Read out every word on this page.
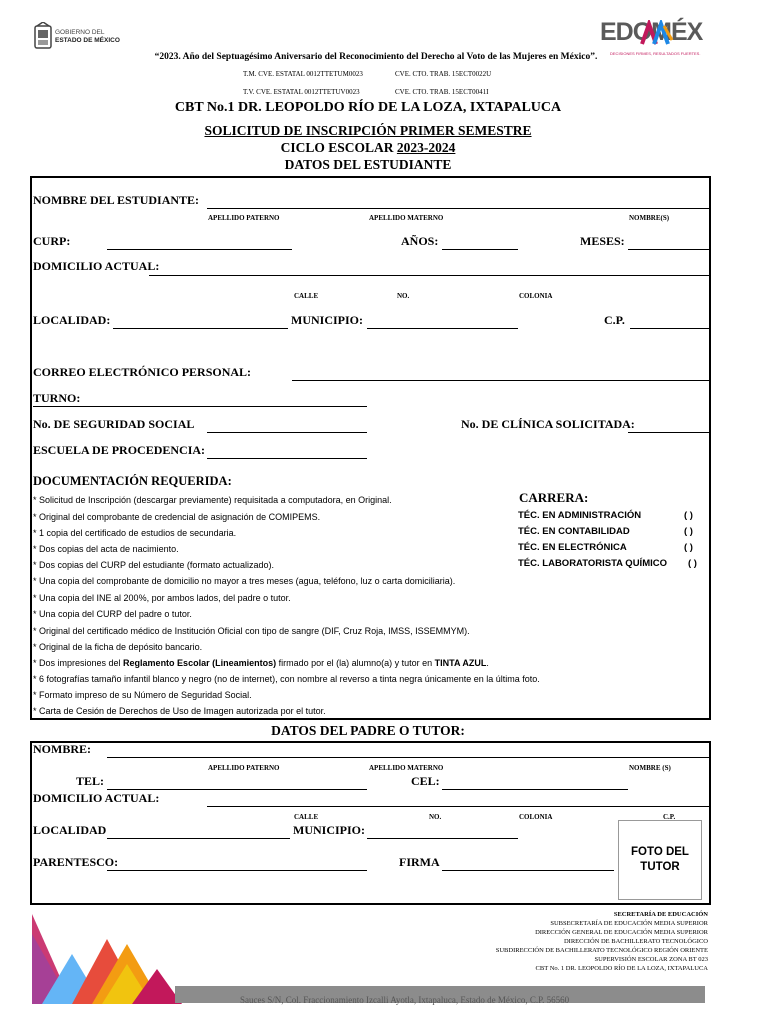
GOBIERNO DEL
ESTADO DE MÉXICO	EDOMÉX
DECISIONES FIRMES, RESULTADOS FUERTES.
“2023. Año del Septuagésimo Aniversario del Reconocimiento del Derecho al Voto de las Mujeres en México”.
T.M. CVE. ESTATAL 0012TTETUM0023	CVE. CTO. TRAB. 15ECT0022U
T.V. CVE. ESTATAL 0012TTETUV0023	CVE. CTO. TRAB. 15ECT0041I
CBT No.1 DR. LEOPOLDO RÍO DE LA LOZA, IXTAPALUCA
SOLICITUD DE INSCRIPCIÓN PRIMER SEMESTRE
CICLO ESCOLAR 2023-2024
DATOS DEL ESTUDIANTE
NOMBRE DEL ESTUDIANTE:
APELLIDO PATERNO	APELLIDO MATERNO	NOMBRE(S)
CURP:	AÑOS:	MESES:
DOMICILIO ACTUAL:
CALLE	NO.	COLONIA
LOCALIDAD:	MUNICIPIO:	C.P.
CORREO ELECTRÓNICO PERSONAL:
TURNO:
No. DE SEGURIDAD SOCIAL	No. DE CLÍNICA SOLICITADA:
ESCUELA DE PROCEDENCIA:
DOCUMENTACIÓN REQUERIDA:
* Solicitud de Inscripción (descargar previamente) requisitada a computadora, en Original.
* Original del comprobante de credencial de asignación de COMIPEMS.
* 1 copia del certificado de estudios de secundaria.
* Dos copias del acta de nacimiento.
* Dos copias del CURP del estudiante (formato actualizado).
* Una copia del comprobante de domicilio no mayor a tres meses (agua, teléfono, luz o carta domiciliaria).
* Una copia del INE al 200%, por ambos lados, del padre o tutor.
* Una copia del CURP del padre o tutor.
* Original del certificado médico de Institución Oficial con tipo de sangre (DIF, Cruz Roja, IMSS, ISSEMMYM).
* Original de la ficha de depósito bancario.
* Dos impresiones del Reglamento Escolar (Lineamientos) firmado por el (la) alumno(a) y tutor en TINTA AZUL.
* 6 fotografías tamaño infantil blanco y negro (no de internet), con nombre al reverso a tinta negra únicamente en la última foto.
* Formato impreso de su Número de Seguridad Social.
* Carta de Cesión de Derechos de Uso de Imagen autorizada por el tutor.
CARRERA:
TÉC. EN ADMINISTRACIÓN	( )
TÉC. EN CONTABILIDAD	( )
TÉC. EN ELECTRÓNICA	( )
TÉC. LABORATORISTA QUÍMICO ( )
DATOS DEL PADRE O TUTOR:
NOMBRE:
APELLIDO PATERNO	APELLIDO MATERNO	NOMBRE (S)
TEL:	CEL:
DOMICILIO ACTUAL:
CALLE	NO.	COLONIA	C.P.
LOCALIDAD	MUNICIPIO:
PARENTESCO:	FIRMA
FOTO DEL
TUTOR
SECRETARÍA DE EDUCACIÓN
SUBSECRETARÍA DE EDUCACIÓN MEDIA SUPERIOR
DIRECCIÓN GENERAL DE EDUCACIÓN MEDIA SUPERIOR
DIRECCIÓN DE BACHILLERATO TECNOLÓGICO
SUBDIRECCIÓN DE BACHILLERATO TECNOLÓGICO REGIÓN ORIENTE
SUPERVISIÓN ESCOLAR ZONA BT 023
CBT No. 1 DR. LEOPOLDO RÍO DE LA LOZA, IXTAPALUCA
Sauces S/N, Col. Fraccionamiento Izcalli Ayotla, Ixtapaluca, Estado de México, C.P. 56560
